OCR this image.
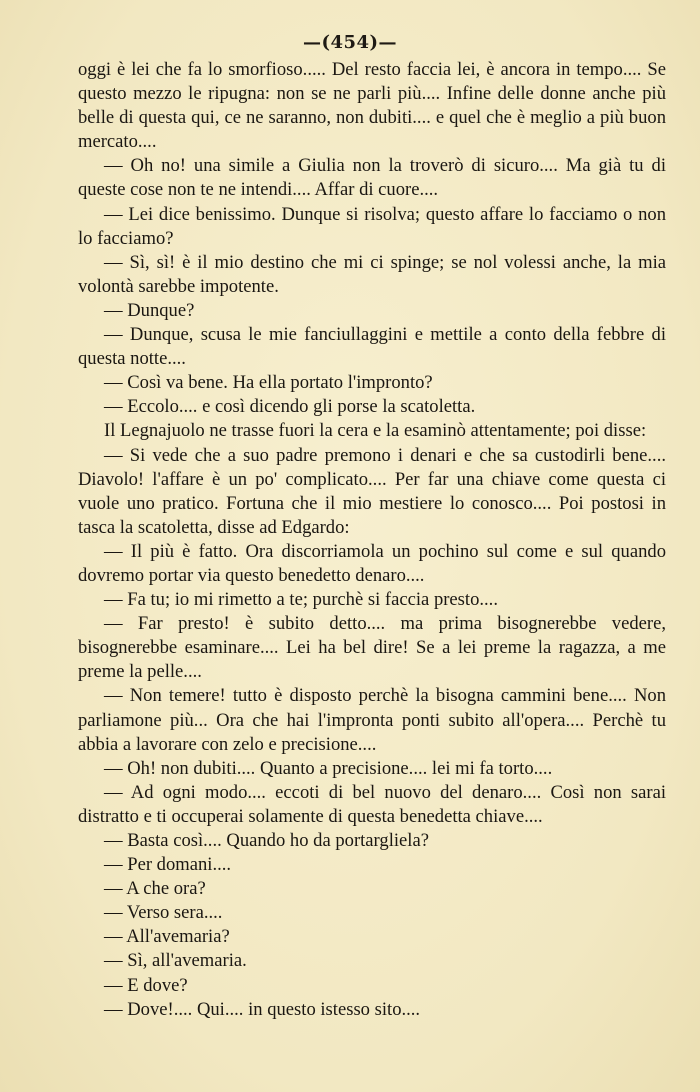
—(454)—

oggi è lei che fa lo smorfioso..... Del resto faccia lei, è ancora in tempo.... Se questo mezzo le ripugna: non se ne parli più.... Infine delle donne anche più belle di questa qui, ce ne saranno, non dubiti.... e quel che è meglio a più buon mercato....

— Oh no! una simile a Giulia non la troverò di sicuro.... Ma già tu di queste cose non te ne intendi.... Affar di cuore....

— Lei dice benissimo. Dunque si risolva; questo affare lo facciamo o non lo facciamo?

— Sì, sì! è il mio destino che mi ci spinge; se nol volessi anche, la mia volontà sarebbe impotente.

— Dunque?

— Dunque, scusa le mie fanciullaggini e mettile a conto della febbre di questa notte....

— Così va bene. Ha ella portato l'impronto?

— Eccolo.... e così dicendo gli porse la scatoletta.

Il Legnajuolo ne trasse fuori la cera e la esaminò attentamente; poi disse:

— Si vede che a suo padre premono i denari e che sa custodirli bene.... Diavolo! l'affare è un po' complicato.... Per far una chiave come questa ci vuole uno pratico. Fortuna che il mio mestiere lo conosco.... Poi postosi in tasca la scatoletta, disse ad Edgardo:

— Il più è fatto. Ora discorriamola un pochino sul come e sul quando dovremo portar via questo benedetto denaro....

— Fa tu; io mi rimetto a te; purchè si faccia presto....

— Far presto! è subito detto.... ma prima bisognerebbe vedere, bisognerebbe esaminare.... Lei ha bel dire! Se a lei preme la ragazza, a me preme la pelle....

— Non temere! tutto è disposto perchè la bisogna cammini bene.... Non parliamone più... Ora che hai l'impronta ponti subito all'opera.... Perchè tu abbia a lavorare con zelo e precisione....

— Oh! non dubiti.... Quanto a precisione.... lei mi fa torto....

— Ad ogni modo.... eccoti di bel nuovo del denaro.... Così non sarai distratto e ti occuperai solamente di questa benedetta chiave....

— Basta così.... Quando ho da portargliela?

— Per domani....

— A che ora?

— Verso sera....

— All'avemaria?

— Sì, all'avemaria.

— E dove?

— Dove!.... Qui.... in questo istesso sito....
